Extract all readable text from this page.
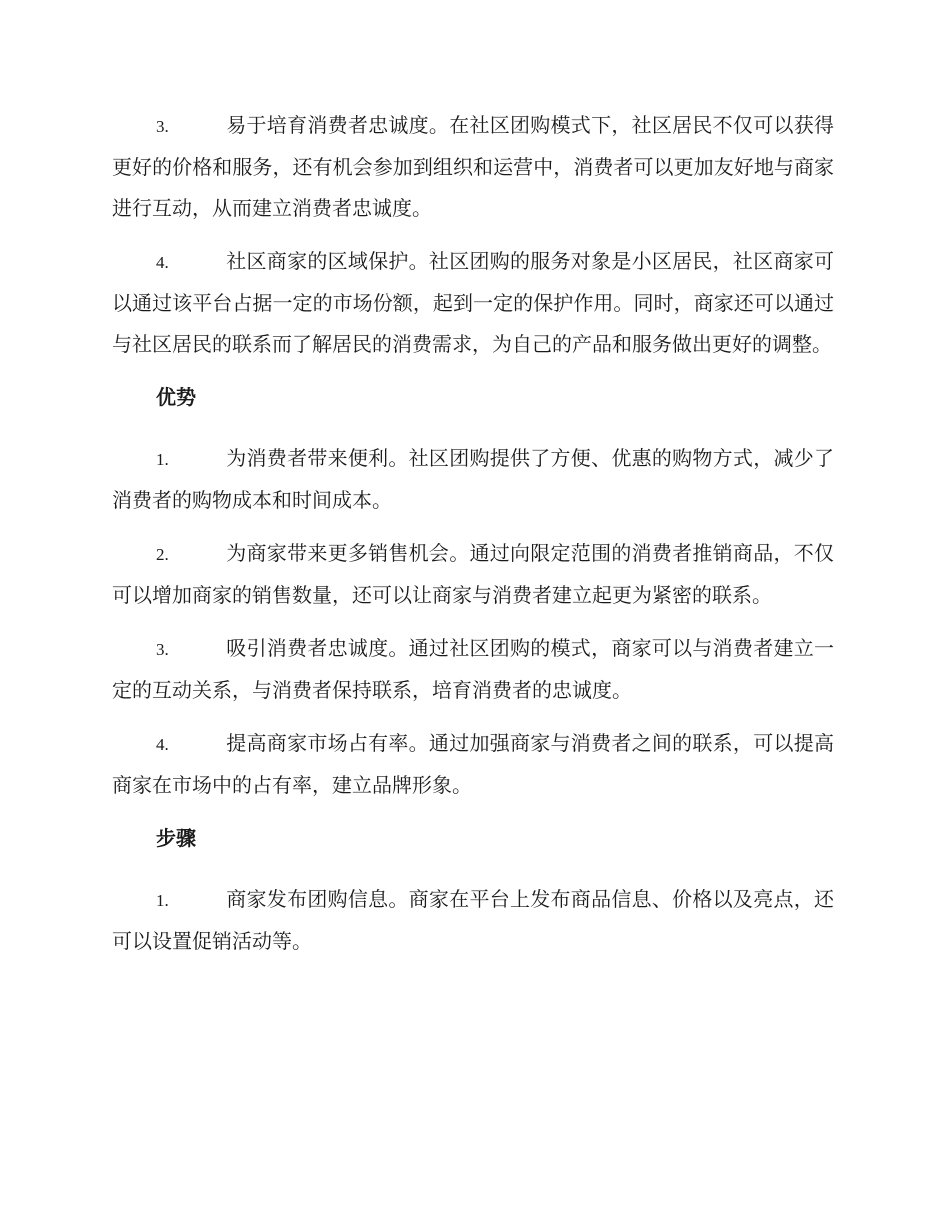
3.	易于培育消费者忠诚度。在社区团购模式下，社区居民不仅可以获得更好的价格和服务，还有机会参加到组织和运营中，消费者可以更加友好地与商家进行互动，从而建立消费者忠诚度。

4.	社区商家的区域保护。社区团购的服务对象是小区居民，社区商家可以通过该平台占据一定的市场份额，起到一定的保护作用。同时，商家还可以通过与社区居民的联系而了解居民的消费需求，为自己的产品和服务做出更好的调整。

优势

1.	为消费者带来便利。社区团购提供了方便、优惠的购物方式，减少了消费者的购物成本和时间成本。

2.	为商家带来更多销售机会。通过向限定范围的消费者推销商品，不仅可以增加商家的销售数量，还可以让商家与消费者建立起更为紧密的联系。

3.	吸引消费者忠诚度。通过社区团购的模式，商家可以与消费者建立一定的互动关系，与消费者保持联系，培育消费者的忠诚度。

4.	提高商家市场占有率。通过加强商家与消费者之间的联系，可以提高商家在市场中的占有率，建立品牌形象。

步骤

1.	商家发布团购信息。商家在平台上发布商品信息、价格以及亮点，还可以设置促销活动等。
